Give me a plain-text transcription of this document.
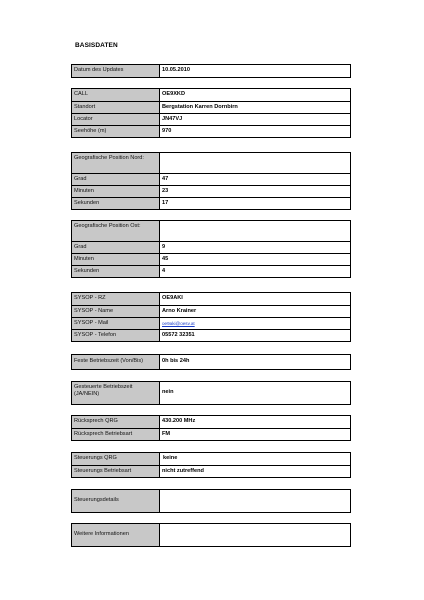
BASISDATEN
Datum des Updates	10.05.2010
CALL	OE9XKD
Standort	Bergstation Karren Dornbirn
Locator	JN47VJ
Seehöhe (m)	970
Geografische Position Nord:
Grad	47
Minuten	23
Sekunden	17
Geografische Position Ost:
Grad	9
Minuten	45
Sekunden	4
SYSOP - RZ	OE9AKI
SYSOP - Name	Arno Krainer
SYSOP - Mail	oe9aki@oesv.at
SYSOP - Telefon	05572 32351
Feste Betriebszeit (Von/Bis)	0h bis 24h
Gesteuerte Betriebszeit (JA/NEIN)	nein
Rücksprech QRG	430.200 MHz
Rücksprech Betriebsart	FM
Steuerungs QRG	keine
Steuerungs Betriebsart	nicht zutreffend
Steuerungsdetails
Weitere Informationen
